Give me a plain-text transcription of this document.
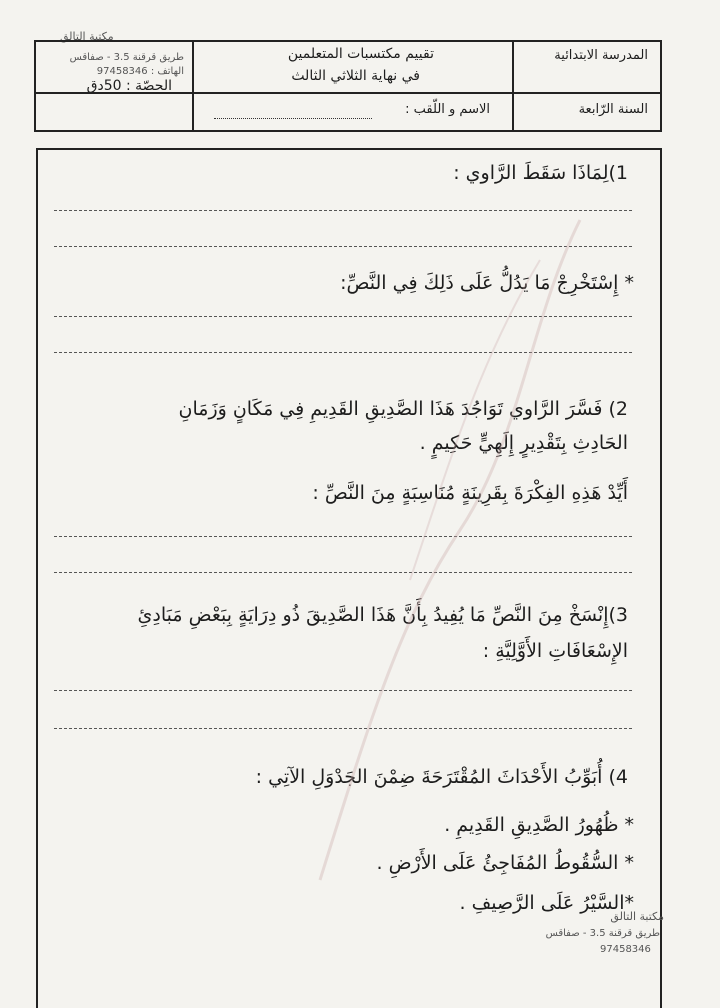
مكتبة التالق
المدرسة الابتدائية
السنة الرّابعة
تقييم مكتسبات المتعلمين
في نهاية الثلاثي الثالث
الاسم و اللّقب :
طريق قرقنة 3.5 - صفاقس
الهاتف : 97458346
الحصّة : 50دق
1)لِمَاذَا سَقَطَ الرَّاوي :
* إِسْتَخْرِجْ مَا يَدُلُّ عَلَى ذَلِكَ فِي النَّصِّ:
2) فَسَّرَ الرَّاوي تَوَاجُدَ هَذَا الصَّدِيقِ القَدِيمِ فِي مَكَانٍ وَزَمَانِ
الحَادِثِ بِتَقْدِيرٍ إِلَهِيٍّ حَكِيمٍ .
أَيِّدْ هَذِهِ الفِكْرَةَ بِقَرِينَةٍ مُنَاسِبَةٍ مِنَ النَّصِّ :
3)إِنْسَخْ مِنَ النَّصِّ مَا يُفِيدُ بِأَنَّ هَذَا الصَّدِيقَ ذُو دِرَايَةٍ بِبَعْضِ مَبَادِئِ
الإِسْعَافَاتِ الأَوَّلِيَّةِ :
4) أُبَوِّبُ الأَحْدَاثَ المُقْتَرَحَةَ ضِمْنَ الجَدْوَلِ الآتِي :
* ظُهُورُ الصَّدِيقِ القَدِيمِ .
* السُّقُوطُ المُفَاجِئُ عَلَى الأَرْضِ .
*السَّيْرُ عَلَى الرَّصِيفِ .
مكتبة التالق
طريق قرقنة 3.5 - صفاقس
97458346
